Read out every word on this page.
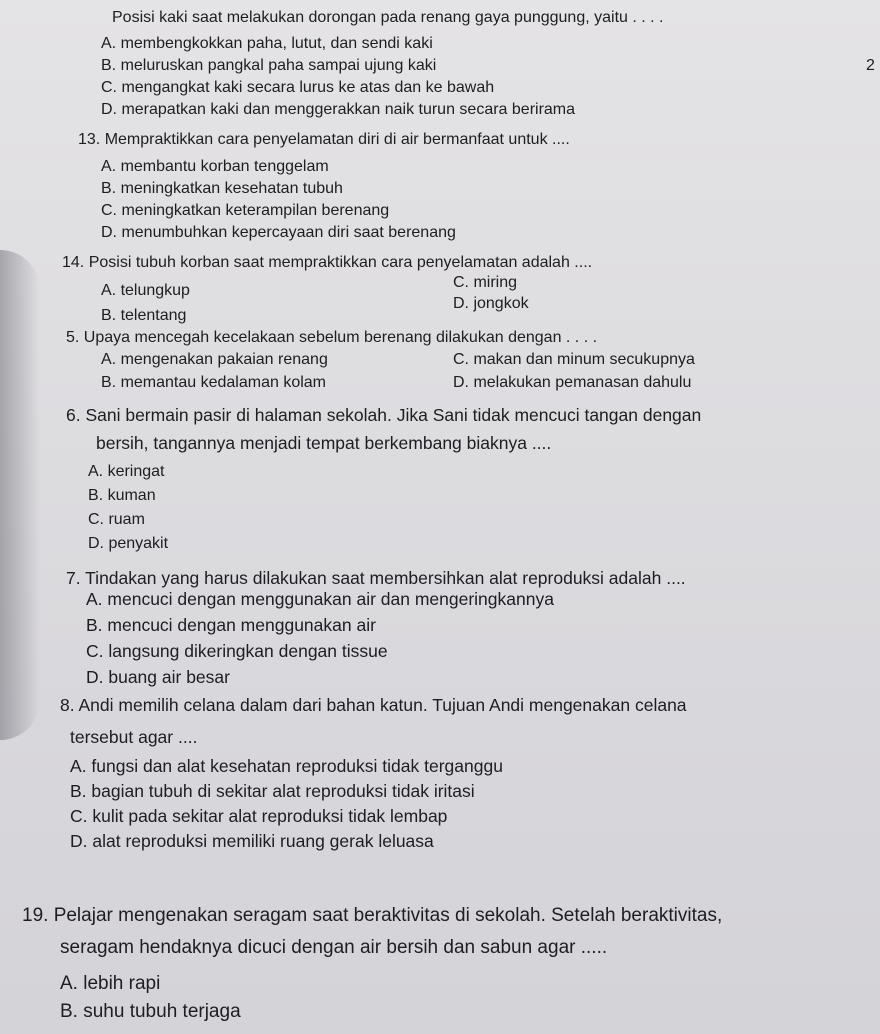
2
Posisi kaki saat melakukan dorongan pada renang gaya punggung, yaitu . . . .
A. membengkokkan paha, lutut, dan sendi kaki
B. meluruskan pangkal paha sampai ujung kaki
C. mengangkat kaki secara lurus ke atas dan ke bawah
D. merapatkan kaki dan menggerakkan naik turun secara berirama
13. Mempraktikkan cara penyelamatan diri di air bermanfaat untuk ....
A. membantu korban tenggelam
B. meningkatkan kesehatan tubuh
C. meningkatkan keterampilan berenang
D. menumbuhkan kepercayaan diri saat berenang
14. Posisi tubuh korban saat mempraktikkan cara penyelamatan adalah ....
A. telungkup
B. telentang
C. miring
D. jongkok
5. Upaya mencegah kecelakaan sebelum berenang dilakukan dengan . . . .
A. mengenakan pakaian renang
B. memantau kedalaman kolam
C. makan dan minum secukupnya
D. melakukan pemanasan dahulu
6. Sani bermain pasir di halaman sekolah. Jika Sani tidak mencuci tangan dengan
bersih, tangannya menjadi tempat berkembang biaknya ....
A. keringat
B. kuman
C. ruam
D. penyakit
7. Tindakan yang harus dilakukan saat membersihkan alat reproduksi adalah ....
A. mencuci dengan menggunakan air dan mengeringkannya
B. mencuci dengan menggunakan air
C. langsung dikeringkan dengan tissue
D. buang air besar
8. Andi memilih celana dalam dari bahan katun. Tujuan Andi mengenakan celana
tersebut agar ....
A. fungsi dan alat kesehatan reproduksi tidak terganggu
B. bagian tubuh di sekitar alat reproduksi tidak iritasi
C. kulit pada sekitar alat reproduksi tidak lembap
D. alat reproduksi memiliki ruang gerak leluasa
19. Pelajar mengenakan seragam saat beraktivitas di sekolah. Setelah beraktivitas,
seragam hendaknya dicuci dengan air bersih dan sabun agar .....
A. lebih rapi
B. suhu tubuh terjaga
